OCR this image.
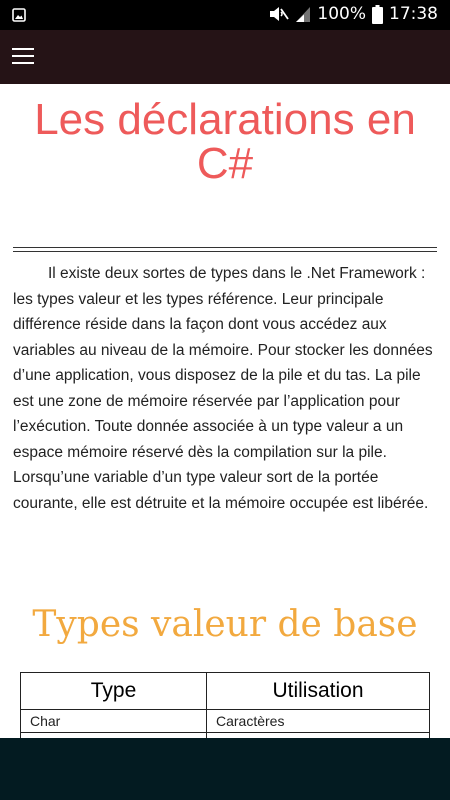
100% 17:38
Les déclarations en C#

Il existe deux sortes de types dans le .Net Framework : les types valeur et les types référence. Leur principale différence réside dans la façon dont vous accédez aux variables au niveau de la mémoire. Pour stocker les données d’une application, vous disposez de la pile et du tas. La pile est une zone de mémoire réservée par l’application pour l’exécution. Toute donnée associée à un type valeur a un espace mémoire réservé dès la compilation sur la pile. Lorsqu’une variable d’un type valeur sort de la portée courante, elle est détruite et la mémoire occupée est libérée.

Types valeur de base
Type	Utilisation
Char	Caractères
